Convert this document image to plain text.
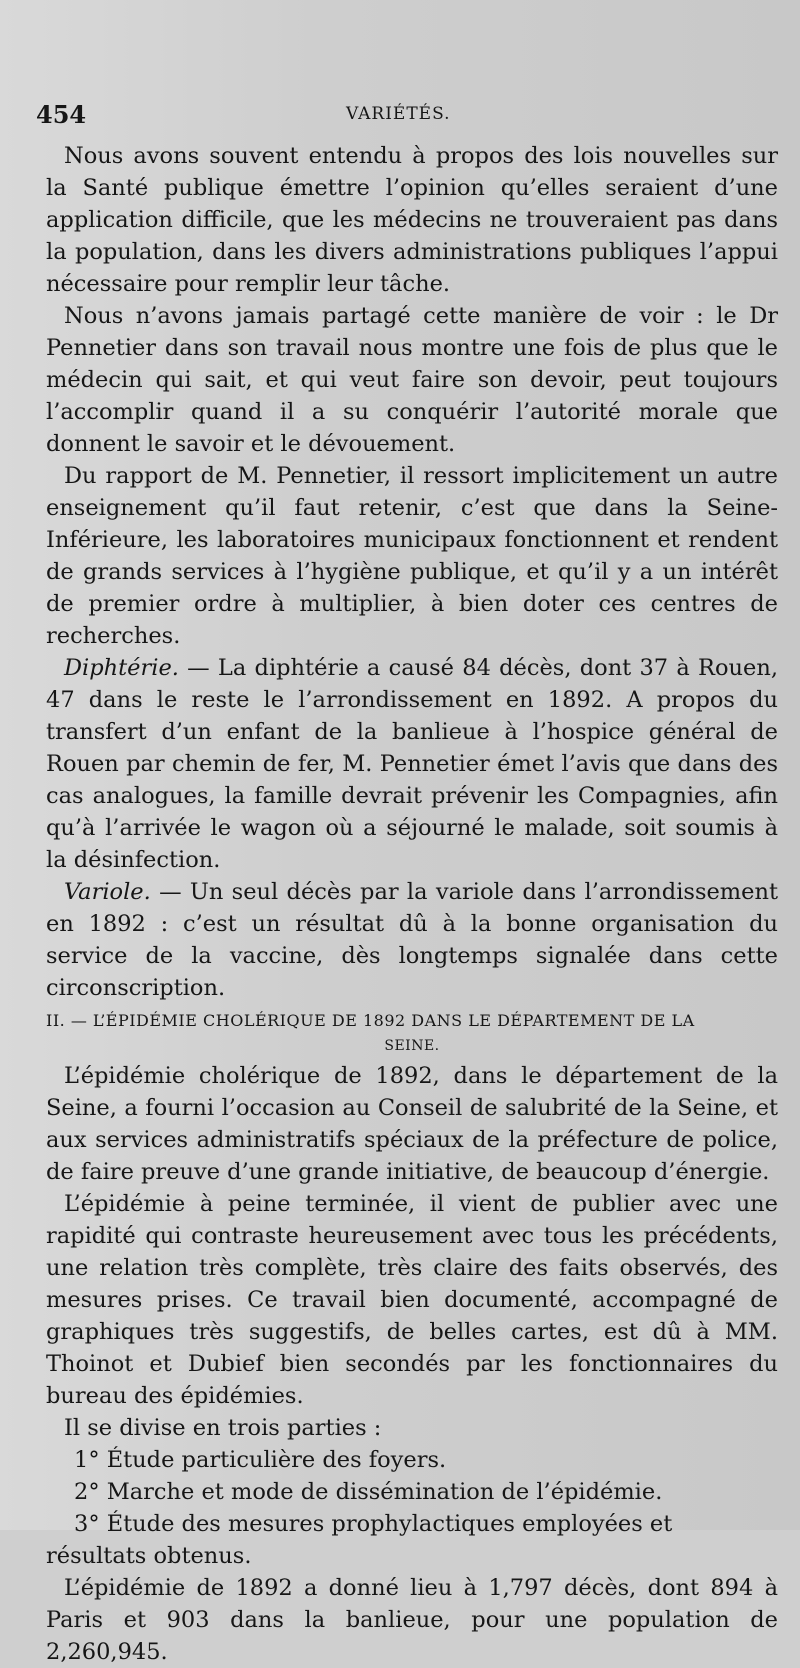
454	VARIÉTÉS.

Nous avons souvent entendu à propos des lois nouvelles sur la Santé publique émettre l’opinion qu’elles seraient d’une application difficile, que les médecins ne trouveraient pas dans la population, dans les divers administrations publiques l’appui nécessaire pour remplir leur tâche.

Nous n’avons jamais partagé cette manière de voir : le Dr Pennetier dans son travail nous montre une fois de plus que le médecin qui sait, et qui veut faire son devoir, peut toujours l’accomplir quand il a su conquérir l’autorité morale que donnent le savoir et le dévouement.

Du rapport de M. Pennetier, il ressort implicitement un autre enseignement qu’il faut retenir, c’est que dans la Seine-Inférieure, les laboratoires municipaux fonctionnent et rendent de grands services à l’hygiène publique, et qu’il y a un intérêt de premier ordre à multiplier, à bien doter ces centres de recherches.

Diphtérie. — La diphtérie a causé 84 décès, dont 37 à Rouen, 47 dans le reste le l’arrondissement en 1892. A propos du transfert d’un enfant de la banlieue à l’hospice général de Rouen par chemin de fer, M. Pennetier émet l’avis que dans des cas analogues, la famille devrait prévenir les Compagnies, afin qu’à l’arrivée le wagon où a séjourné le malade, soit soumis à la désinfection.

Variole. — Un seul décès par la variole dans l’arrondissement en 1892 : c’est un résultat dû à la bonne organisation du service de la vaccine, dès longtemps signalée dans cette circonscription.

II. — L’ÉPIDÉMIE CHOLÉRIQUE DE 1892 DANS LE DÉPARTEMENT DE LA

SEINE.

L’épidémie cholérique de 1892, dans le département de la Seine, a fourni l’occasion au Conseil de salubrité de la Seine, et aux services administratifs spéciaux de la préfecture de police, de faire preuve d’une grande initiative, de beaucoup d’énergie.

L’épidémie à peine terminée, il vient de publier avec une rapidité qui contraste heureusement avec tous les précédents, une relation très complète, très claire des faits observés, des mesures prises. Ce travail bien documenté, accompagné de graphiques très suggestifs, de belles cartes, est dû à MM. Thoinot et Dubief bien secondés par les fonctionnaires du bureau des épidémies.

Il se divise en trois parties :

1° Étude particulière des foyers.

2° Marche et mode de dissémination de l’épidémie.

3° Étude des mesures prophylactiques employées et résultats obtenus.

L’épidémie de 1892 a donné lieu à 1,797 décès, dont 894 à Paris et 903 dans la banlieue, pour une population de 2,260,945.
